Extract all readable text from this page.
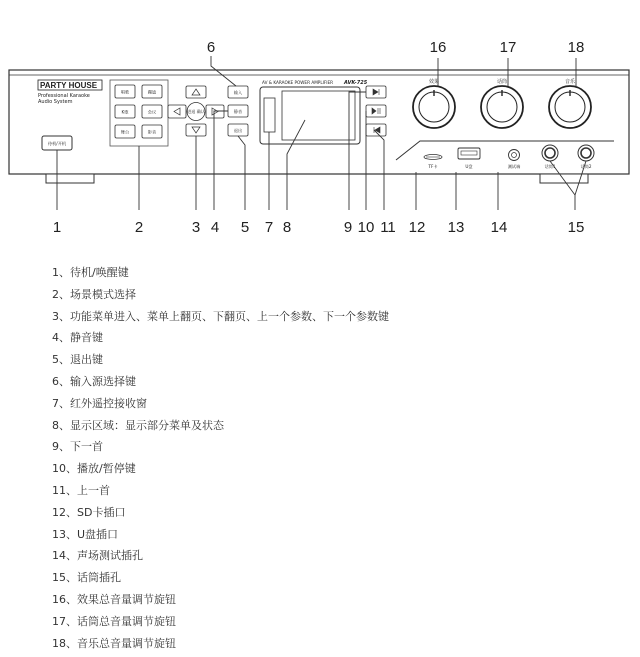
PARTY HOUSE
Professional Karaoke
Audio System
待机/开机
唱歌	蹦迪
K歌	会议
舞台	影音
进退 确认
输入
静音
退出
AV & KARAOKE POWER AMPLIFIER AVK-725
TF卡	U盘	测试端	话筒1	话筒2
效果	话筒	音乐
1	2	3 4 5
6
7 8	9 10 11 12 13 14	15
16	17	18
1、待机/唤醒键
2、场景模式选择
3、功能菜单进入、菜单上翻页、下翻页、上一个参数、下一个参数键
4、静音键
5、退出键
6、输入源选择键
7、红外遥控接收窗
8、显示区域：显示部分菜单及状态
9、下一首
10、播放/暂停键
11、上一首
12、SD卡插口
13、U盘插口
14、声场测试插孔
15、话筒插孔
16、效果总音量调节旋钮
17、话筒总音量调节旋钮
18、音乐总音量调节旋钮
